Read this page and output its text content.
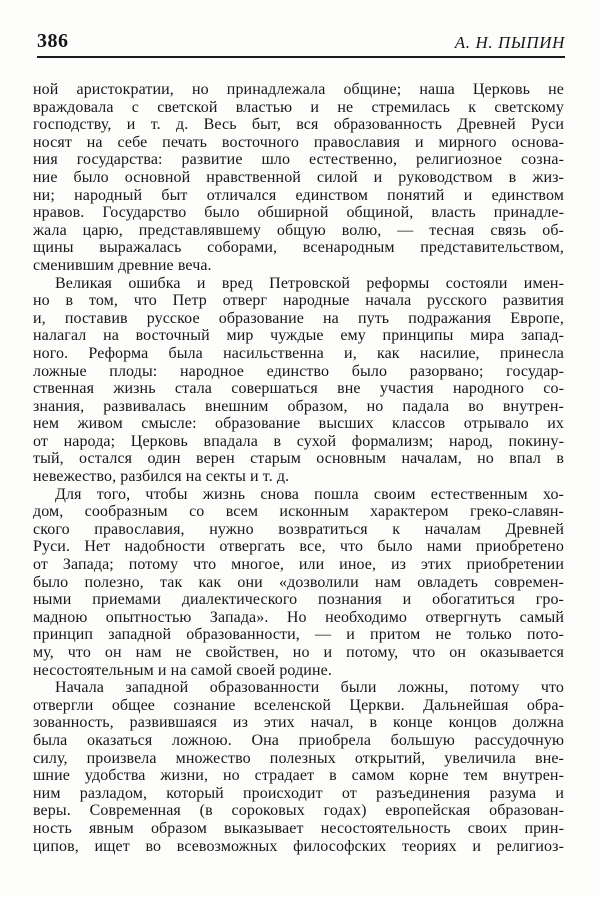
386	А. Н. ПЫПИН
ной аристократии, но принадлежала общине; наша Церковь не
враждовала с светской властью и не стремилась к светскому
господству, и т. д. Весь быт, вся образованность Древней Руси
носят на себе печать восточного православия и мирного основа-
ния государства: развитие шло естественно, религиозное созна-
ние было основной нравственной силой и руководством в жиз-
ни; народный быт отличался единством понятий и единством
нравов. Государство было обширной общиной, власть принадле-
жала царю, представлявшему общую волю, — тесная связь об-
щины выражалась соборами, всенародным представительством,
сменившим древние веча.
Великая ошибка и вред Петровской реформы состояли имен-
но в том, что Петр отверг народные начала русского развития
и, поставив русское образование на путь подражания Европе,
налагал на восточный мир чуждые ему принципы мира запад-
ного. Реформа была насильственна и, как насилие, принесла
ложные плоды: народное единство было разорвано; государ-
ственная жизнь стала совершаться вне участия народного со-
знания, развивалась внешним образом, но падала во внутрен-
нем живом смысле: образование высших классов отрывало их
от народа; Церковь впадала в сухой формализм; народ, покину-
тый, остался один верен старым основным началам, но впал в
невежество, разбился на секты и т. д.
Для того, чтобы жизнь снова пошла своим естественным хо-
дом, сообразным со всем исконным характером греко-славян-
ского православия, нужно возвратиться к началам Древней
Руси. Нет надобности отвергать все, что было нами приобретено
от Запада; потому что многое, или иное, из этих приобретении
было полезно, так как они «дозволили нам овладеть современ-
ными приемами диалектического познания и обогатиться гро-
мадною опытностью Запада». Но необходимо отвергнуть самый
принцип западной образованности, — и притом не только пото-
му, что он нам не свойствен, но и потому, что он оказывается
несостоятельным и на самой своей родине.
Начала западной образованности были ложны, потому что
отвергли общее сознание вселенской Церкви. Дальнейшая обра-
зованность, развившаяся из этих начал, в конце концов должна
была оказаться ложною. Она приобрела большую рассудочную
силу, произвела множество полезных открытий, увеличила вне-
шние удобства жизни, но страдает в самом корне тем внутрен-
ним разладом, который происходит от разъединения разума и
веры. Современная (в сороковых годах) европейская образован-
ность явным образом выказывает несостоятельность своих прин-
ципов, ищет во всевозможных философских теориях и религиоз-
